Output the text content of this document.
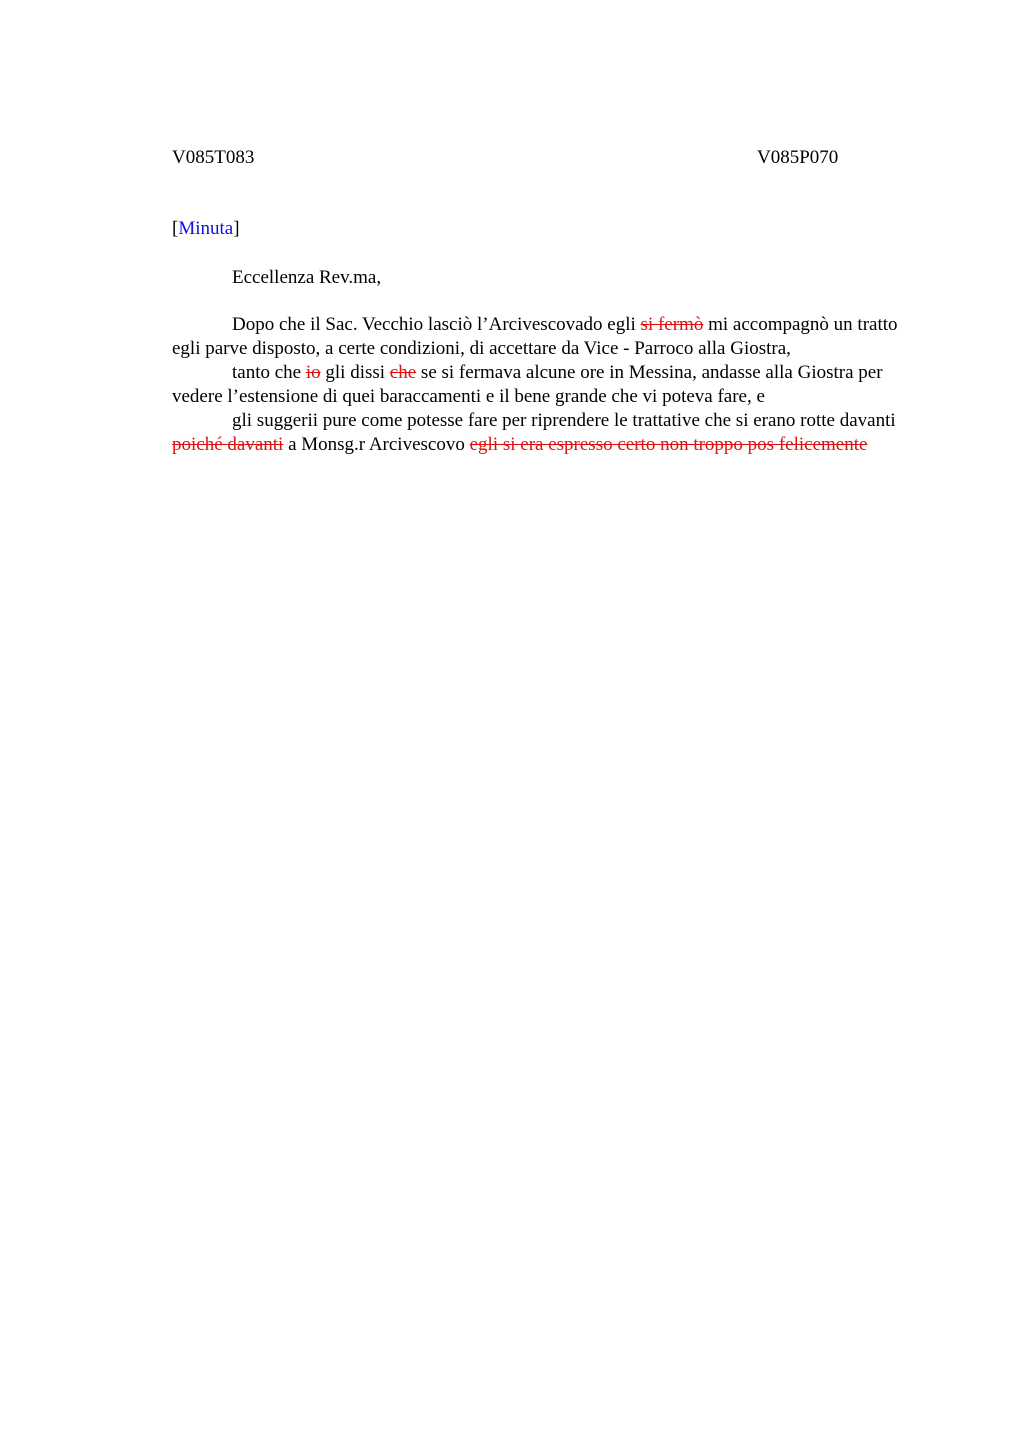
V085T083	V085P070
[Minuta]
Eccellenza Rev.ma,

Dopo che il Sac. Vecchio lasciò l’Arcivescovado egli si fermò mi accompagnò un tratto egli parve disposto, a certe condizioni, di accettare da Vice - Parroco alla Giostra,

tanto che io gli dissi che se si fermava alcune ore in Messina, andasse alla Giostra per vedere l’estensione di quei baraccamenti e il bene grande che vi poteva fare, e

gli suggerii pure come potesse fare per riprendere le trattative che si erano rotte davanti poiché davanti a Monsg.r Arcivescovo egli si era espresso certo non troppo pos felicemente
